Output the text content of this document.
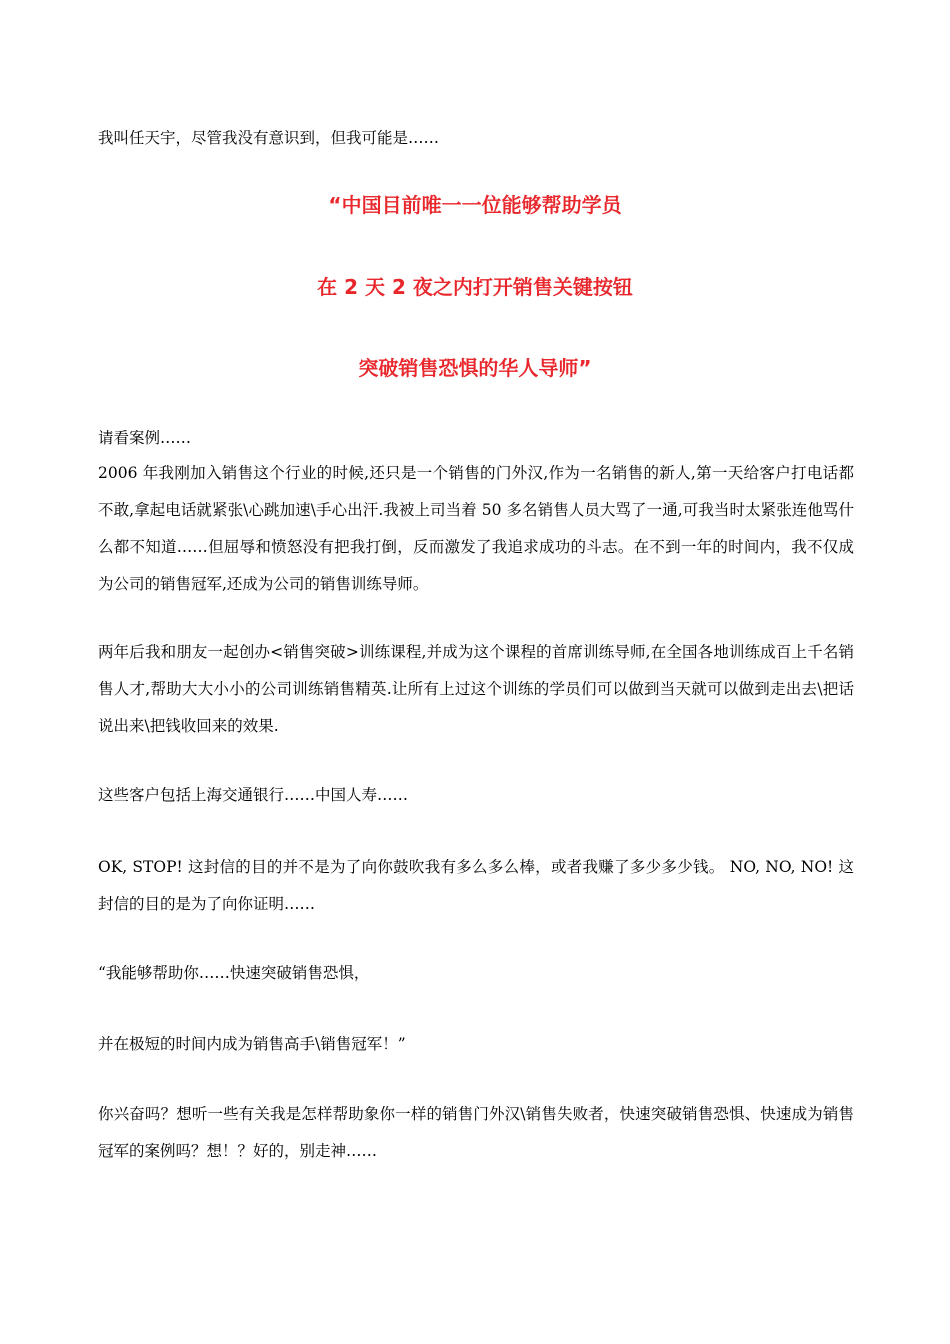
我叫任天宇，尽管我没有意识到，但我可能是……

“中国目前唯一一位能够帮助学员

在 2 天 2 夜之内打开销售关键按钮

突破销售恐惧的华人导师”

请看案例……

2006 年我刚加入销售这个行业的时候,还只是一个销售的门外汉,作为一名销售的新人,第一天给客户打电话都不敢,拿起电话就紧张\心跳加速\手心出汗.我被上司当着 50 多名销售人员大骂了一通,可我当时太紧张连他骂什么都不知道……但屈辱和愤怒没有把我打倒，反而激发了我追求成功的斗志。在不到一年的时间内，我不仅成为公司的销售冠军,还成为公司的销售训练导师。

两年后我和朋友一起创办<销售突破>训练课程,并成为这个课程的首席训练导师,在全国各地训练成百上千名销售人才,帮助大大小小的公司训练销售精英.让所有上过这个训练的学员们可以做到当天就可以做到走出去\把话说出来\把钱收回来的效果.

这些客户包括上海交通银行……中国人寿……

OK, STOP! 这封信的目的并不是为了向你鼓吹我有多么多么棒，或者我赚了多少多少钱。 NO, NO, NO! 这封信的目的是为了向你证明……

“我能够帮助你……快速突破销售恐惧，

并在极短的时间内成为销售高手\销售冠军！”

你兴奋吗？想听一些有关我是怎样帮助象你一样的销售门外汉\销售失败者，快速突破销售恐惧、快速成为销售冠军的案例吗？想！？好的，别走神……
